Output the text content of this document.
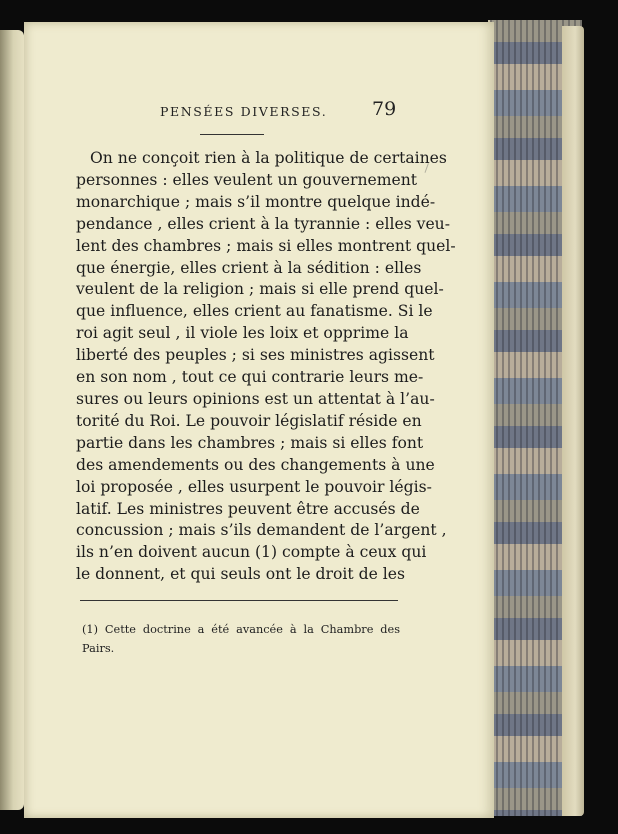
PENSÉES DIVERSES.	79
On ne conçoit rien à la politique de certaines
personnes : elles veulent un gouvernement
monarchique ; mais s’il montre quelque indé-
pendance , elles crient à la tyrannie : elles veu-
lent des chambres ; mais si elles montrent quel-
que énergie, elles crient à la sédition : elles
veulent de la religion ; mais si elle prend quel-
que influence, elles crient au fanatisme. Si le
roi agit seul , il viole les loix et opprime la
liberté des peuples ; si ses ministres agissent
en son nom , tout ce qui contrarie leurs me-
sures ou leurs opinions est un attentat à l’au-
torité du Roi. Le pouvoir législatif réside en
partie dans les chambres ; mais si elles font
des amendements ou des changements à une
loi proposée , elles usurpent le pouvoir légis-
latif. Les ministres peuvent être accusés de
concussion ; mais s’ils demandent de l’argent ,
ils n’en doivent aucun (1) compte à ceux qui
le donnent, et qui seuls ont le droit de les
(1) Cette doctrine a été avancée à la Chambre des
Pairs.
